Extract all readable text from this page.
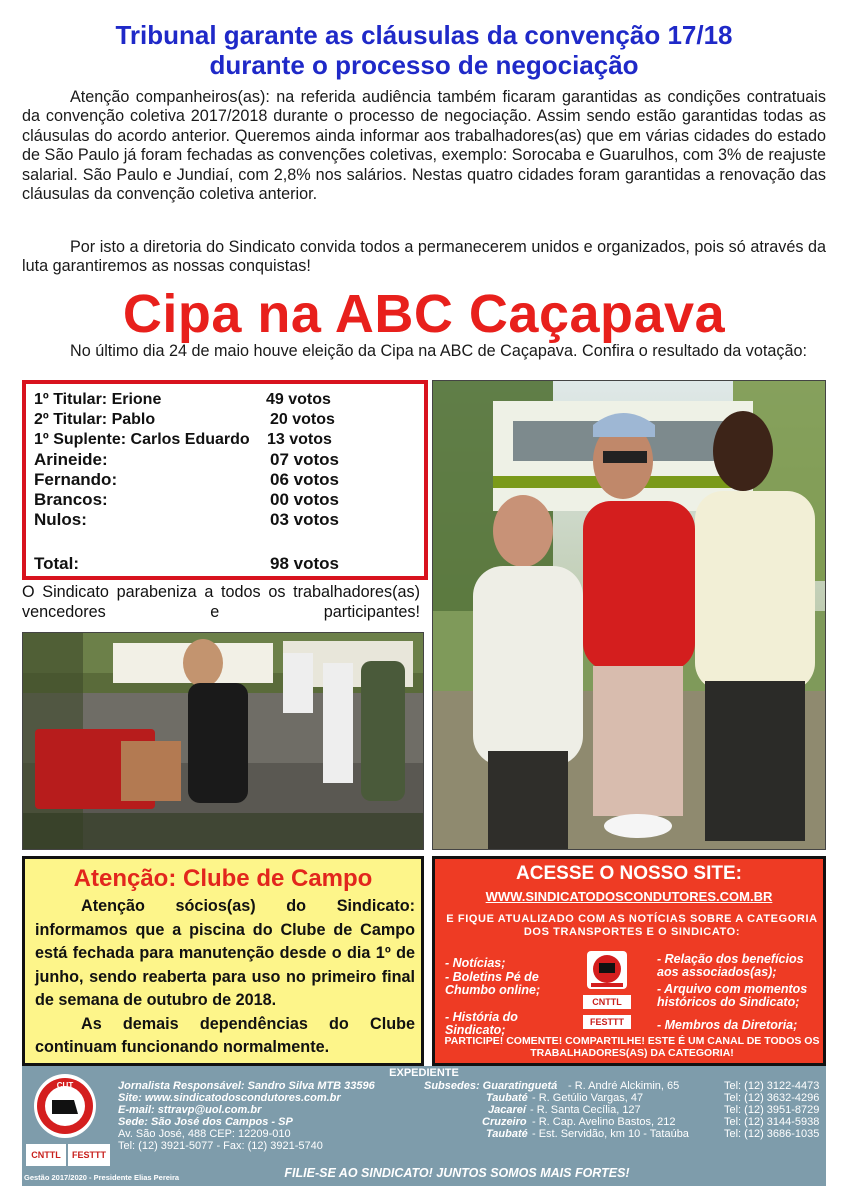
Tribunal garante as cláusulas da convenção 17/18
durante o processo de negociação
Atenção companheiros(as): na referida audiência também ficaram garantidas as condições contratuais da convenção coletiva 2017/2018 durante o processo de negociação. Assim sendo estão garantidas todas as cláusulas do acordo anterior. Queremos ainda informar aos trabalhadores(as) que em várias cidades do estado de São Paulo já foram fechadas as convenções coletivas, exemplo: Sorocaba e Guarulhos, com 3% de reajuste salarial. São Paulo e Jundiaí, com 2,8% nos salários. Nestas quatro cidades foram garantidas a renovação das cláusulas da convenção coletiva anterior.
Por isto a diretoria do Sindicato convida todos a permanecerem unidos e organizados, pois só através da luta garantiremos as nossas conquistas!
Cipa na ABC Caçapava
No último dia 24 de maio houve eleição da Cipa na ABC de Caçapava. Confira o resultado da votação:
1º Titular: Erione	49 votos
2º Titular: Pablo	20 votos
1º Suplente: Carlos Eduardo 13 votos
Arineide:	07 votos
Fernando:	06 votos
Brancos:	00 votos
Nulos:	03 votos
Total:	98 votos
O Sindicato parabeniza a todos os trabalhadores(as) vencedores e participantes!
Atenção: Clube de Campo
Atenção sócios(as) do Sindicato: informamos que a piscina do Clube de Campo está fechada para manutenção desde o dia 1º de junho, sendo reaberta para uso no primeiro final de semana de outubro de 2018.
As demais dependências do Clube continuam funcionando normalmente.
ACESSE O NOSSO SITE:
WWW.SINDICATODOSCONDUTORES.COM.BR
E FIQUE ATUALIZADO COM AS NOTÍCIAS SOBRE A CATEGORIA DOS TRANSPORTES E O SINDICATO:
- Notícias;
- Boletins Pé de Chumbo online;
- História do Sindicato;
- Relação dos benefícios aos associados(as);
- Arquivo com momentos históricos do Sindicato;
- Membros da Diretoria;
CNTTL
FESTTT
PARTICIPE! COMENTE! COMPARTILHE! ESTE É UM CANAL DE TODOS OS TRABALHADORES(AS) DA CATEGORIA!
EXPEDIENTE
CUT
CNTTL	FESTTT
Jornalista Responsável: Sandro Silva MTB 33596
Site: www.sindicatodoscondutores.com.br
E-mail: sttravp@uol.com.br
Sede: São José dos Campos - SP
Av. São José, 488 CEP: 12209-010
Tel: (12) 3921-5077 - Fax: (12) 3921-5740
Subsedes: Guaratinguetá - R. André Alckimin, 65	Tel: (12) 3122-4473
Taubaté - R. Getúlio Vargas, 47	Tel: (12) 3632-4296
Jacareí - R. Santa Cecília, 127	Tel: (12) 3951-8729
Cruzeiro - R. Cap. Avelino Bastos, 212	Tel: (12) 3144-5938
Taubaté - Est. Servidão, km 10 - Tataúba	Tel: (12) 3686-1035
FILIE-SE AO SINDICATO! JUNTOS SOMOS MAIS FORTES!
Gestão 2017/2020 - Presidente Elias Pereira
